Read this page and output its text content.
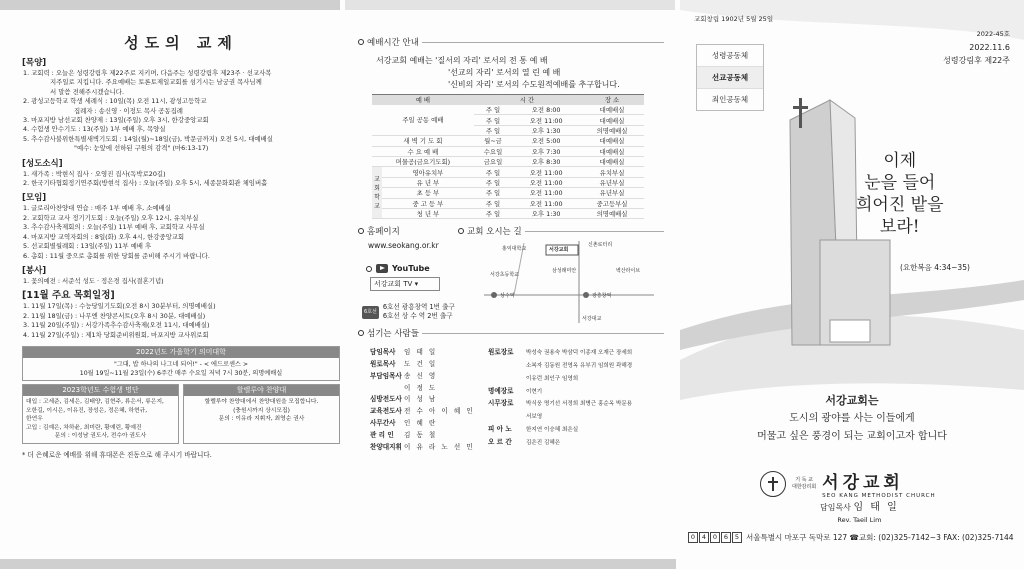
성도의 교제
[목양]
1. 교회력 : 오늘은 성령강림후 제22주로 지키며, 다음주는 성령강림후 제23주 · 선교사복
지주일로 지킵니다. 주요예배는 토론토제일교회를 섬기시는 남궁권 목사님께
서 말씀 전해주시겠습니다.
2. 광성고등학교 학생 세례식 : 10일(목) 오전 11시, 광성고등학교
집례자 : 송신영 · 이정도 목사 공동집례
3. 마포지방 남선교회 찬양제 : 13일(주일) 오후 3시, 한강중앙교회
4. 수험생 안수기도 : 13(주일) 1부 예배 후, 목양실
5. 추수감사불위한특별새벽기도회 : 14일(월)~18일(금), 박문금까지) 오전 5시, 대예배실
"예수: 눈앞에 선하된 구원의 감격" (마6:13-17)
[성도소식]
1. 새가족 : 박현식 집사 · 오영진 집사(독박로20길)
2. 한국기타협회정기연주회(방현석 집사) : 오늘(주일) 오후 5시, 세종문화회관 체임버홀
[모임]
1. 글로리아찬양대 연습 : 매주 1부 예배 후, 소예배실
2. 교회학교 교사 정기기도회 : 오늘(주일) 오후 12시, 유치부실
3. 추수감사축제회의 : 오늘(주일) 11부 예배 후, 교회학교 사무실
4. 마포지방 교역자회의 : 8일(화) 오후 4시, 한강중앙교회
5. 선교회별월례회 : 13일(주일) 11부 예배 후
6. 총회 : 11월 중으로 총회를 위한 당회를 준비해 주시기 바랍니다.
[봉사]
1. 꽃의예전 : 서준석 성도 · 정은경 집사(결혼기념)
[11월 주요 목회일정]
1. 11월 17일(목) : 수능당일기도회(오전 8시 30분부터, 의명예배실)
2. 11월 18일(금) : 나무엔 찬양콘서트(오후 8시 30분, 대예배실)
3. 11월 20일(주일) : 서강가족추수감사축제(오전 11시, 대예배실)
4. 11월 27일(주일) : 제1차 당회준비위원회, 마포지방 교사위로회
2022년도 가을학기 의미대학
"그대, 밥 하나의 나그네 되어!" - < 에드로센스 >
10월 19일~11월 23일(수) 6주간 매주 수요일 저녁 7시 30분, 의명예배실
2023학년도 수험생 명단
대입 : 고세준, 김세은, 김태양, 김현주, 류은서, 류은지,
오한길, 이시은, 이유진, 장성은, 정은혜, 하현규,
한연우
고입 : 김예은, 차하윤, 최미란, 황예린, 황예진
문의 : 이성남 권도사, 전수아 권도사
할렐루야 찬양대
할렐루야 찬양대에서 찬양대원을 모집합니다.
(충원시까지 상시모집)
문의 : 이유라 지휘자, 최영순 권사
* 더 은혜로운 예배를 위해 휴대폰은 진동으로 해 주시기 바랍니다.
예배시간 안내
서강교회 예배는 '질서의 자리' 로서의 전 통 예 배
'선교의 자리' 로서의 열 린 예 배
'신비의 자리' 로서의 수도원적예배를 추구합니다.
예 배		시 간		장 소
주일 공동 예배		주 일	오전 8:00	대예배실
		주 일	오전 11:00	대예배실
		주 일	오후 1:30	의명예배실
새 벽 기 도 회		월~금	오전 5:00	대예배실
수 요 예 배		수요일	오후 7:30	대예배실
머물공(금요기도회)		금요일	오후 8:30	대예배실

교
회
학
교	영아유치부	주 일	오전 11:00	유치부실
	유 년 부	주 일	오전 11:00	유년부실
	초 등 부	주 일	오전 11:00	유년부실
	중 고 등 부	주 일	오전 11:00	중고등부실
	청 년 부	주 일	오후 1:30	의명예배실
홈페이지
www.seokang.or.kr
YouTube
서강교회 TV ▾
6호선
6호선 광흥창역 1번 출구
6호선 상 수 역 2번 출구
교회 오시는 길
서강교회
홍익대학교
서강초등학교
신촌로터리
상수역	광흥창역
서강대교
삼성래미안	벽산라이브
섬기는 사람들
담임목사 임 태 일
원로목사 도 건 일
부담임목사 송 신 영
이 정 도
심방전도사 이 성 남
교육전도사 전 수 아 이 혜 인
사무간사 인 혜 란
관 리 인 김 동 철
찬양대지휘 이 유 라 노 선 민
원로장로 박성숙 권용숙 박삼덕 이종재 오재근 장세희
소복자 김동원 전영옥 유부귀 임희원 곽해경
이유런 최인구 임영희
명예장로 이현기
시무장로 박식웅 명기선 서정희 최병근 홍순옥 박문용
서보영
피 아 노	한지연 이승혜 최은실
오 르 간	김은진 김혜은
교회창립 1902년 5월 25일
2022-45호
2022.11.6
성령강림후 제22주
성령공동체
선교공동체
죄인공동체
이제
눈을 들어
희어진 밭을
보라!
(요한복음 4:34~35)
서강교회는
도시의 광야를 사는 이들에게
머물고 싶은 풍경이 되는 교회이고자 합니다
기 독 교
대한감리회 서강교회
SEO KANG METHODIST CHURCH
담임목사 임 태 일
Rev. Taeil Lim
0	4	0	6	5 서울특별시 마포구 독막로 127 ☎교회: (02)325-7142~3 FAX: (02)325-7144
